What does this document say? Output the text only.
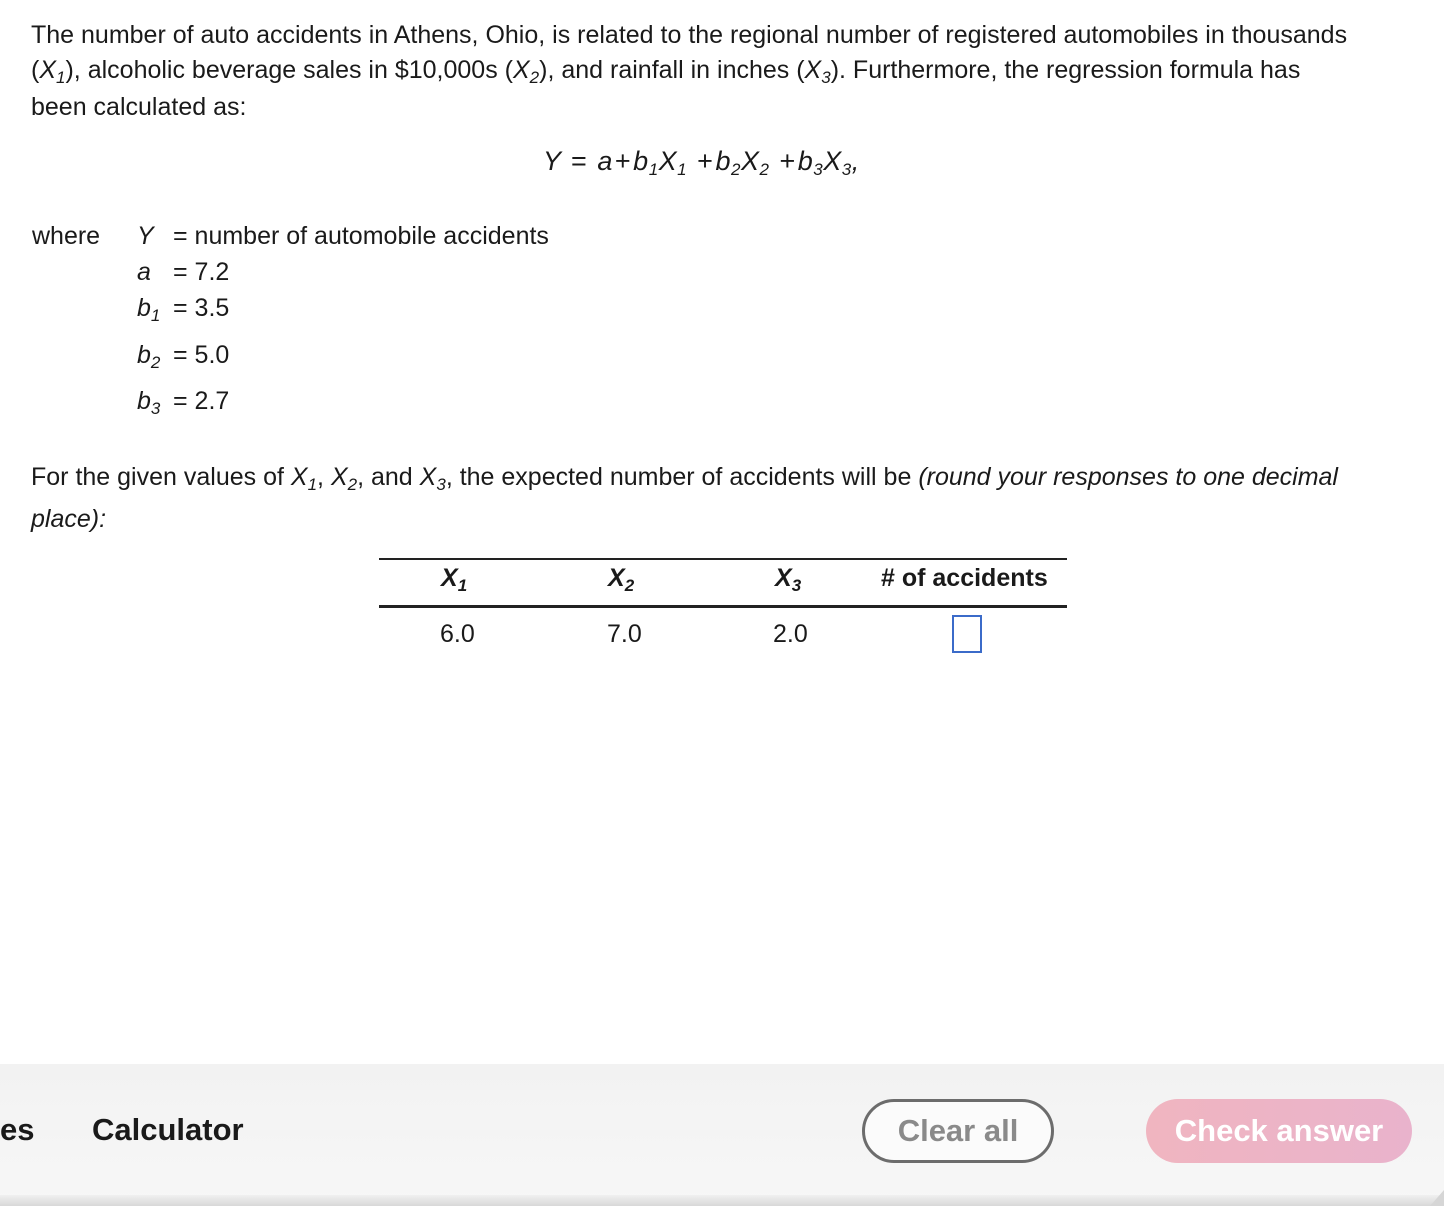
The number of auto accidents in Athens, Ohio, is related to the regional number of registered automobiles in thousands
$(X_1)$, alcoholic beverage sales in $10,000s $(X_2)$, and rainfall in inches $(X_3)$. Furthermore, the regression formula has
been calculated as:
$Y = a+b_1X_1 +b_2X_2 +b_3X_3$,
where Y = number of automobile accidents
a = 7.2
$b_1 = 3.5$
$b_2 = 5.0$
$b_3 = 2.7$
For the given values of $X_1$, $X_2$, and $X_3$, the expected number of accidents will be (round your responses to one decimal place):
$X_1$	$X_2$	$X_3$	# of accidents
6.0	7.0	2.0
es Calculator	Clear all	Check answer
